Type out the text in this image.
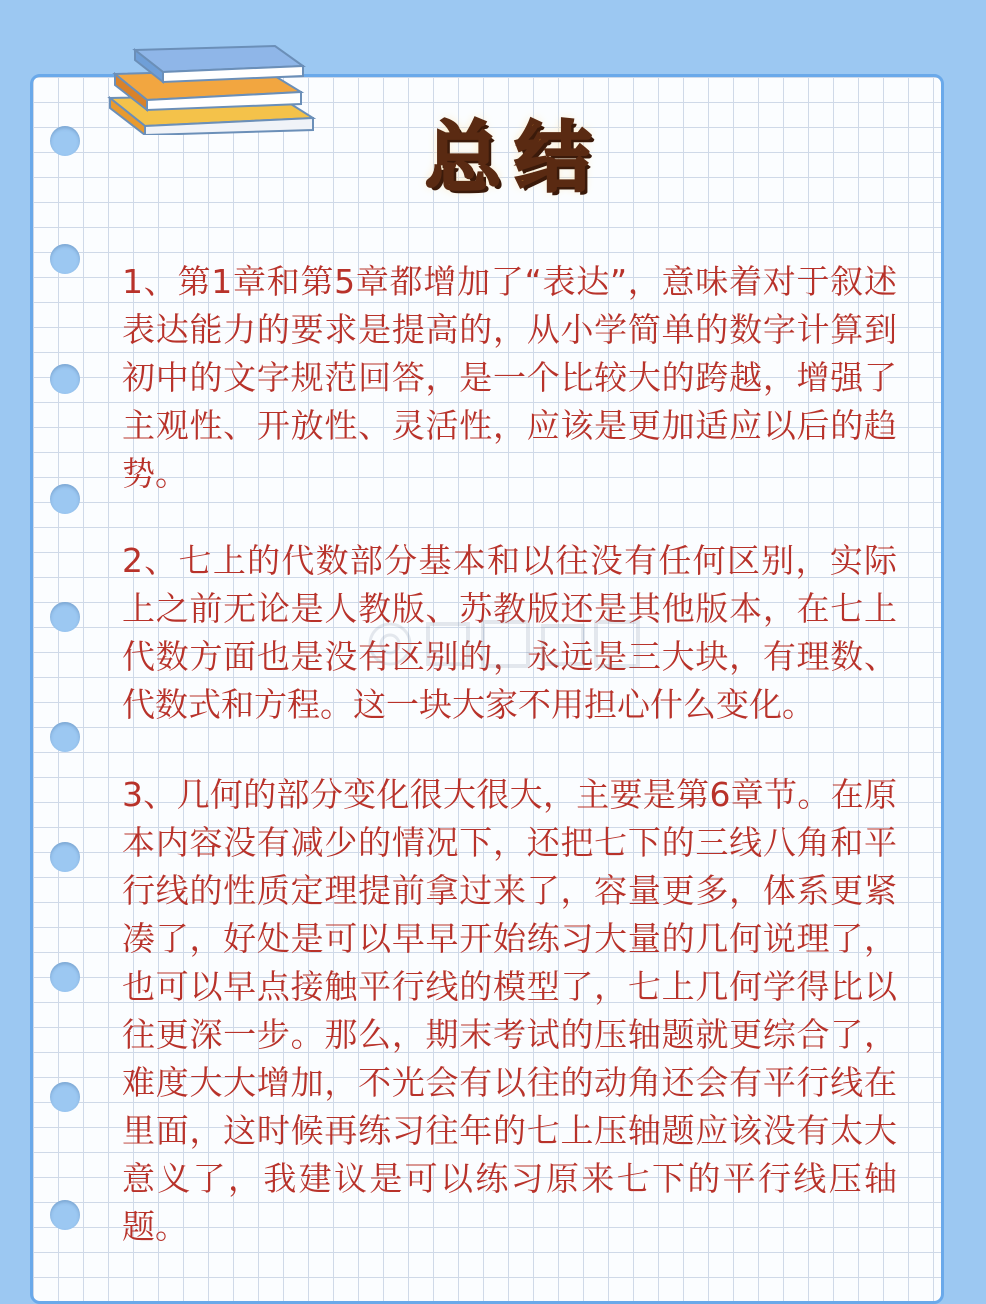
总结

1、第1章和第5章都增加了“表达”，意味着对于叙述表达能力的要求是提高的，从小学简单的数字计算到初中的文字规范回答，是一个比较大的跨越，增强了主观性、开放性、灵活性，应该是更加适应以后的趋势。

2、七上的代数部分基本和以往没有任何区别，实际上之前无论是人教版、苏教版还是其他版本，在七上代数方面也是没有区别的，永远是三大块，有理数、代数式和方程。这一块大家不用担心什么变化。

3、几何的部分变化很大很大，主要是第6章节。在原本内容没有减少的情况下，还把七下的三线八角和平行线的性质定理提前拿过来了，容量更多，体系更紧凑了，好处是可以早早开始练习大量的几何说理了，也可以早点接触平行线的模型了，七上几何学得比以往更深一步。那么，期末考试的压轴题就更综合了，难度大大增加，不光会有以往的动角还会有平行线在里面，这时候再练习往年的七上压轴题应该没有太大意义了，我建议是可以练习原来七下的平行线压轴题。
